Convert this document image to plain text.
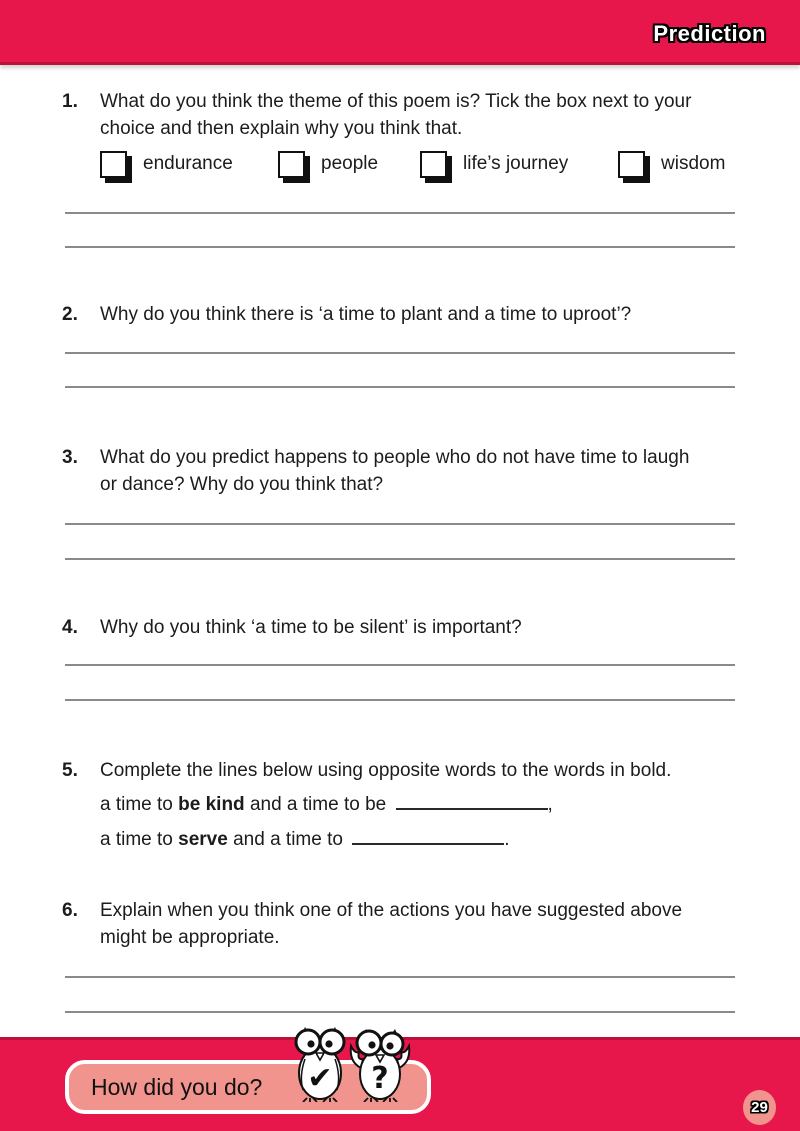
Prediction
1.	What do you think the theme of this poem is? Tick the box next to your
choice and then explain why you think that.
endurance	people	life’s journey	wisdom
2.	Why do you think there is ‘a time to plant and a time to uproot’?
3.	What do you predict happens to people who do not have time to laugh
or dance? Why do you think that?
4.	Why do you think ‘a time to be silent’ is important?
5.	Complete the lines below using opposite words to the words in bold.
a time to be kind and a time to be	,
a time to serve and a time to	.
6.	Explain when you think one of the actions you have suggested above
might be appropriate.
How did you do? ✔ ?
29
